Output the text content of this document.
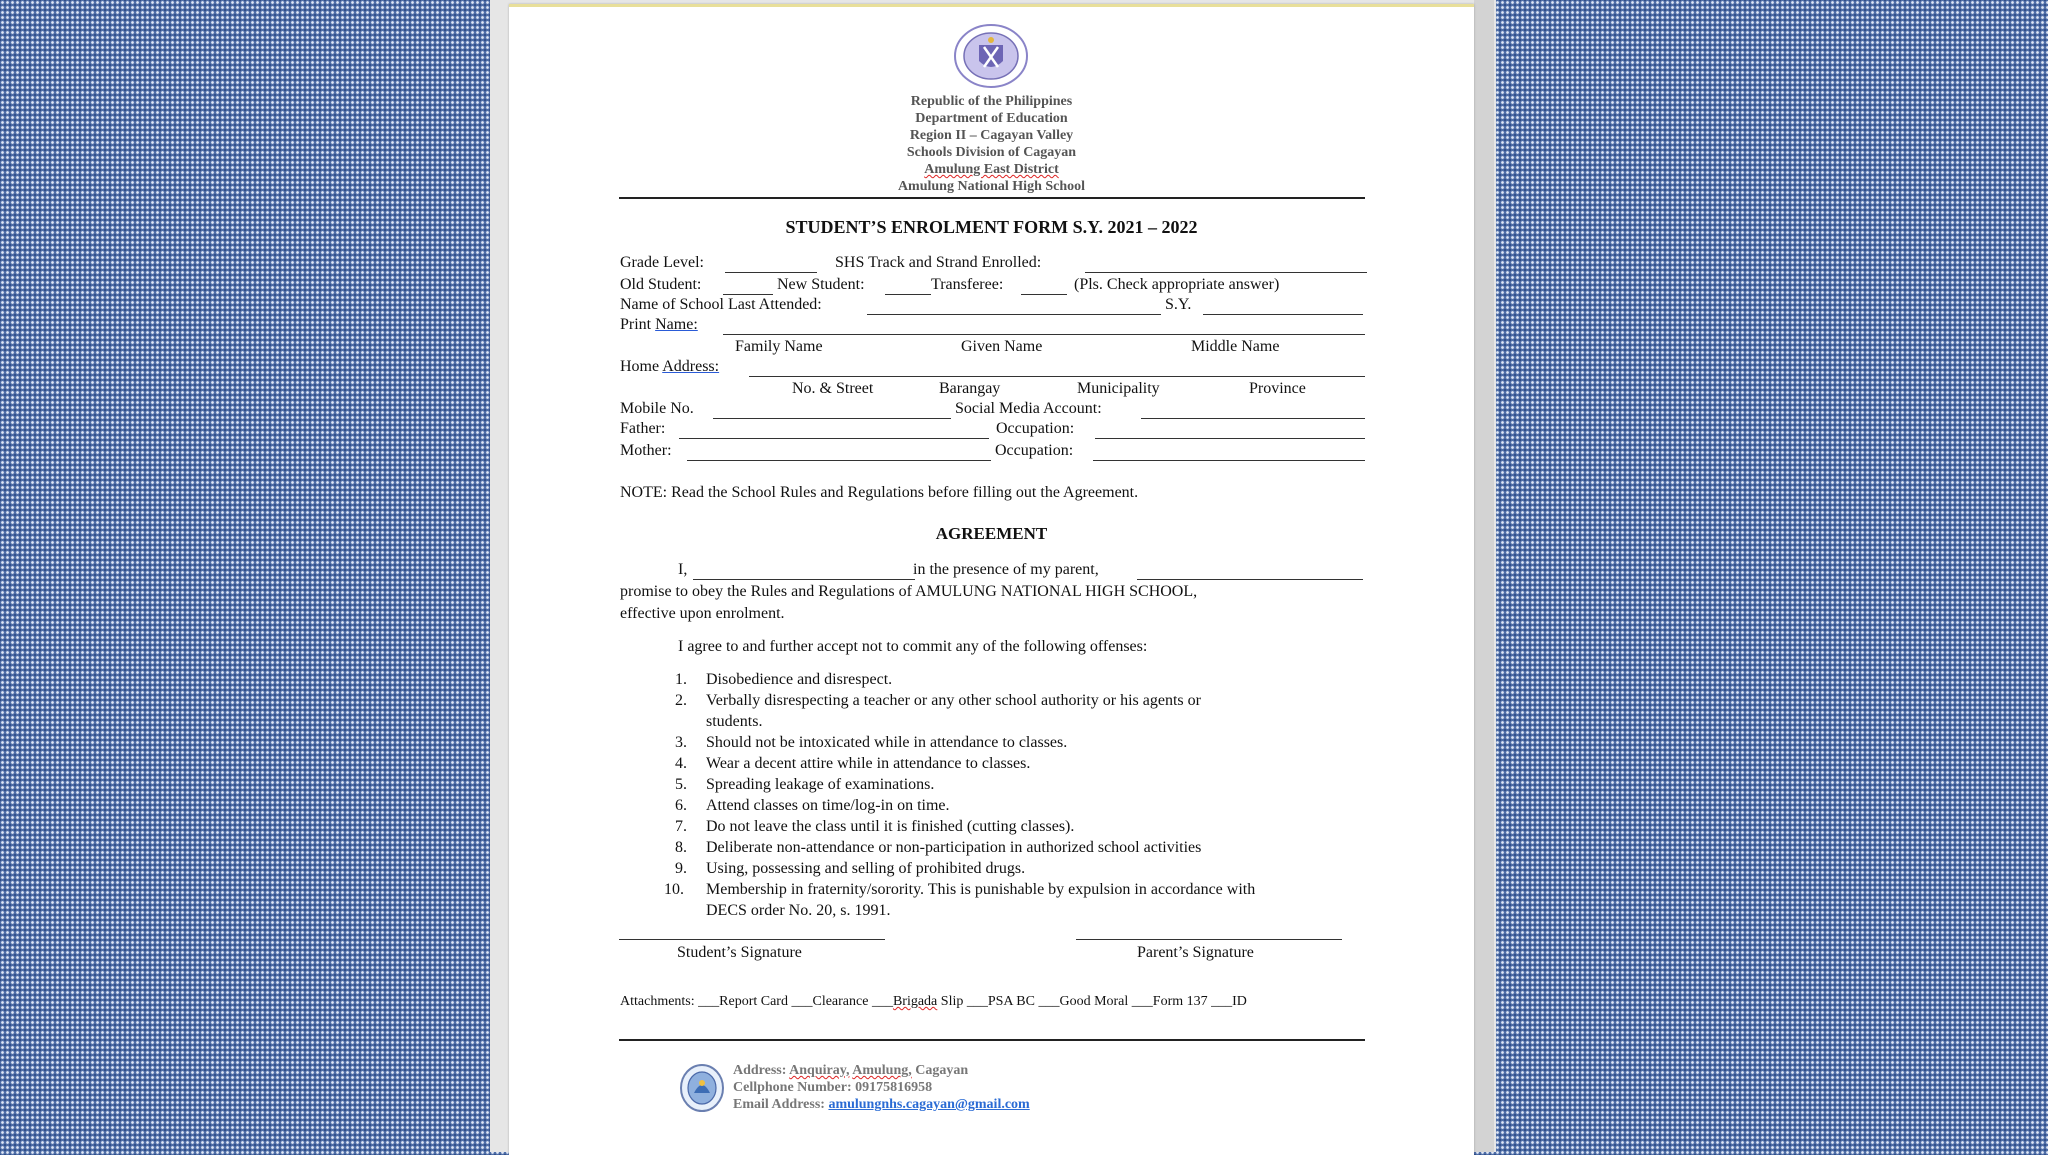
Republic of the Philippines
Department of Education
Region II – Cagayan Valley
Schools Division of Cagayan
Amulung East District
Amulung National High School
STUDENT’S ENROLMENT FORM S.Y. 2021 – 2022
Grade Level:	SHS Track and Strand Enrolled:
Old Student:	New Student:	Transferee:	(Pls. Check appropriate answer)
Name of School Last Attended:	S.Y.
Print Name:
Family Name	Given Name	Middle Name
Home Address:
No. & Street	Barangay	Municipality	Province
Mobile No.	Social Media Account:
Father:	Occupation:
Mother:	Occupation:
NOTE: Read the School Rules and Regulations before filling out the Agreement.
AGREEMENT
I,	in the presence of my parent,
promise to obey the Rules and Regulations of AMULUNG NATIONAL HIGH SCHOOL,
effective upon enrolment.
I agree to and further accept not to commit any of the following offenses:
1. Disobedience and disrespect.
2. Verbally disrespecting a teacher or any other school authority or his agents or
students.
3. Should not be intoxicated while in attendance to classes.
4. Wear a decent attire while in attendance to classes.
5. Spreading leakage of examinations.
6. Attend classes on time/log-in on time.
7. Do not leave the class until it is finished (cutting classes).
8. Deliberate non-attendance or non-participation in authorized school activities
9. Using, possessing and selling of prohibited drugs.
10. Membership in fraternity/sorority. This is punishable by expulsion in accordance with
DECS order No. 20, s. 1991.
Student’s Signature	Parent’s Signature
Attachments: ___Report Card ___Clearance ___Brigada Slip ___PSA BC ___Good Moral ___Form 137 ___ID
Address: Anquiray, Amulung, Cagayan
Cellphone Number: 09175816958
Email Address: amulungnhs.cagayan@gmail.com
